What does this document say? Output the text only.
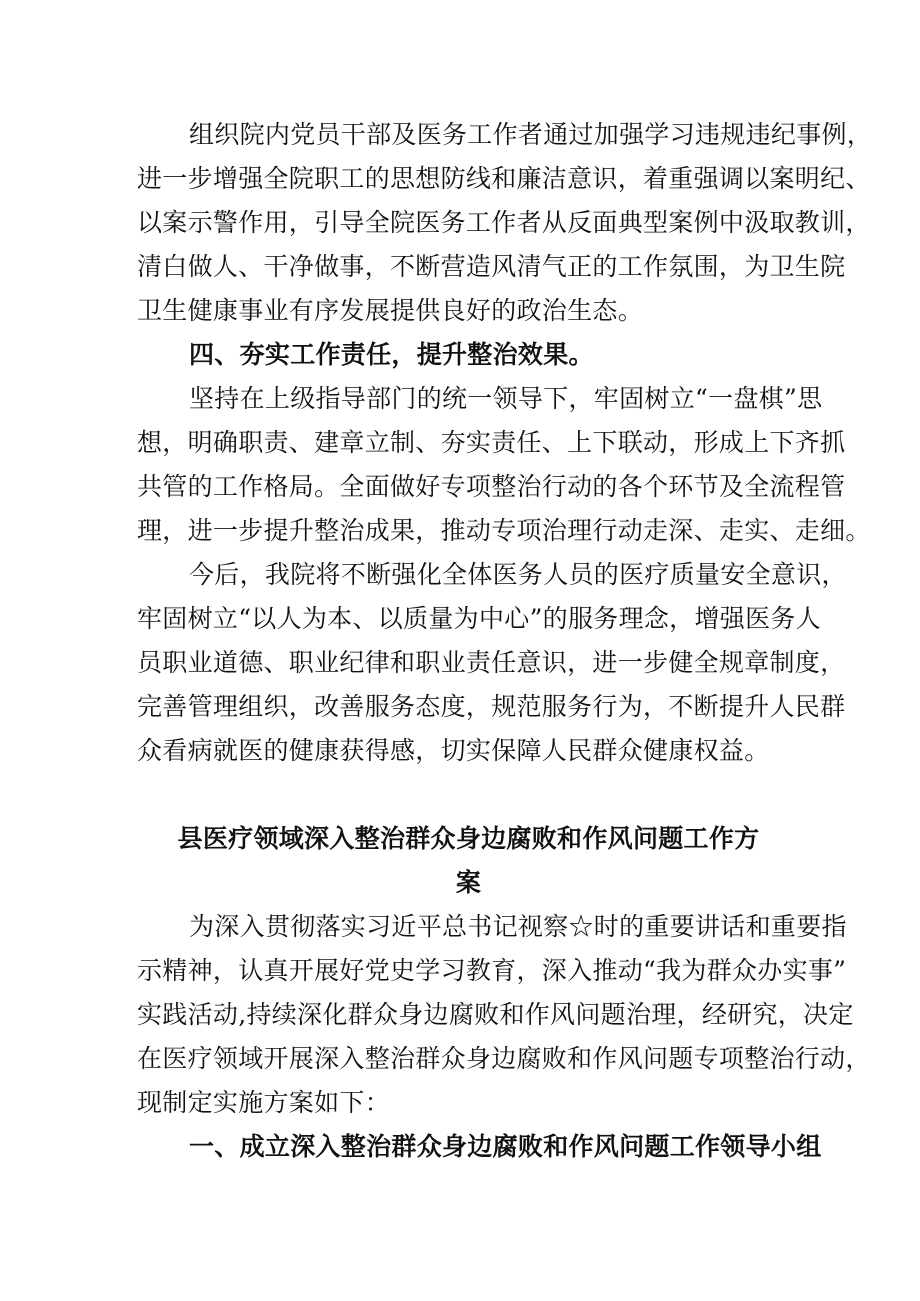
组织院内党员干部及医务工作者通过加强学习违规违纪事例，

进一步增强全院职工的思想防线和廉洁意识，着重强调以案明纪、

以案示警作用，引导全院医务工作者从反面典型案例中汲取教训，

清白做人、干净做事，不断营造风清气正的工作氛围，为卫生院

卫生健康事业有序发展提供良好的政治生态。

四、夯实工作责任，提升整治效果。

坚持在上级指导部门的统一领导下，牢固树立“一盘棋”思

想，明确职责、建章立制、夯实责任、上下联动，形成上下齐抓

共管的工作格局。全面做好专项整治行动的各个环节及全流程管

理，进一步提升整治成果，推动专项治理行动走深、走实、走细。

今后，我院将不断强化全体医务人员的医疗质量安全意识，

牢固树立“以人为本、以质量为中心”的服务理念，增强医务人

员职业道德、职业纪律和职业责任意识，进一步健全规章制度，

完善管理组织，改善服务态度，规范服务行为，不断提升人民群

众看病就医的健康获得感，切实保障人民群众健康权益。

县医疗领域深入整治群众身边腐败和作风问题工作方

案

为深入贯彻落实习近平总书记视察☆时的重要讲话和重要指

示精神，认真开展好党史学习教育，深入推动“我为群众办实事”

实践活动,持续深化群众身边腐败和作风问题治理，经研究，决定

在医疗领域开展深入整治群众身边腐败和作风问题专项整治行动，

现制定实施方案如下：

一、成立深入整治群众身边腐败和作风问题工作领导小组
